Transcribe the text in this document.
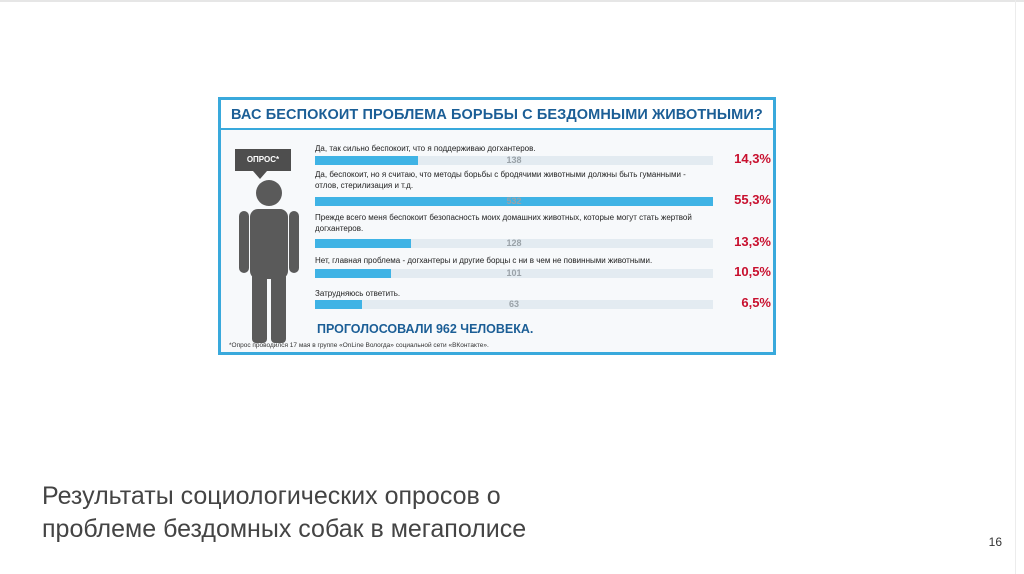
ВАС БЕСПОКОИТ ПРОБЛЕМА БОРЬБЫ С БЕЗДОМНЫМИ ЖИВОТНЫМИ?
ОПРОС*
Да, так сильно беспокоит, что я поддерживаю догхантеров.
138	14,3%
Да, беспокоит, но я считаю, что методы борьбы с бродячими животными должны быть гуманными - отлов, стерилизация и т.д.
532	55,3%
Прежде всего меня беспокоит безопасность моих домашних животных, которые могут стать жертвой догхантеров.
128	13,3%
Нет, главная проблема - догхантеры и другие борцы с ни в чем не повинными животными.
101	10,5%
Затрудняюсь ответить.
63	6,5%
ПРОГОЛОСОВАЛИ 962 ЧЕЛОВЕКА.
*Опрос проводился 17 мая в группе «OnLine Вологда» социальной сети «ВКонтакте».
Результаты социологических опросов о
проблеме бездомных собак в мегаполисе	16
